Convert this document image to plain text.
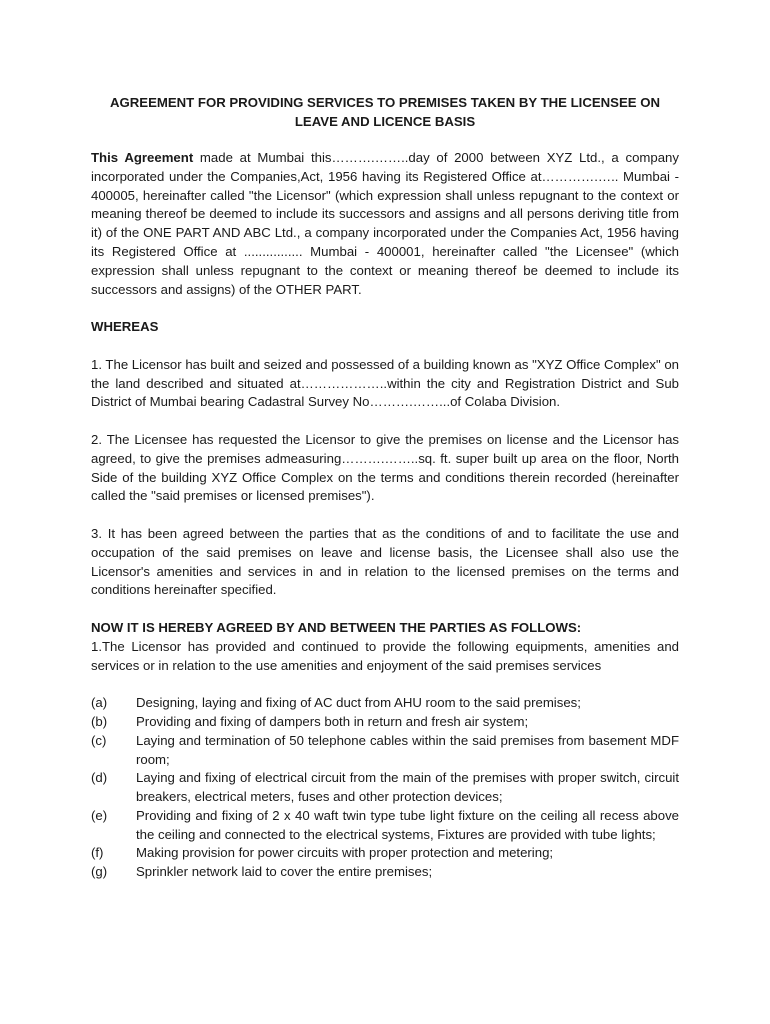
AGREEMENT FOR PROVIDING SERVICES TO PREMISES TAKEN BY THE LICENSEE ON LEAVE AND LICENCE BASIS

This Agreement made at Mumbai this……….……..day of 2000 between XYZ Ltd., a company incorporated under the Companies,Act, 1956 having its Registered Office at………….….. Mumbai - 400005, hereinafter called "the Licensor" (which expression shall unless repugnant to the context or meaning thereof be deemed to include its successors and assigns and all persons deriving title from it) of the ONE PART AND ABC Ltd., a company incorporated under the Companies Act, 1956 having its Registered Office at ................ Mumbai - 400001, hereinafter called "the Licensee" (which expression shall unless repugnant to the context or meaning thereof be deemed to include its successors and assigns) of the OTHER PART.

WHEREAS

1. The Licensor has built and seized and possessed of a building known as "XYZ Office Complex" on the land described and situated at………………..within the city and Registration District and Sub District of Mumbai bearing Cadastral Survey No……….……...of Colaba Division.

2. The Licensee has requested the Licensor to give the premises on license and the Licensor has agreed, to give the premises admeasuring……….……..sq. ft. super built up area on the floor, North Side of the building XYZ Office Complex on the terms and conditions therein recorded (hereinafter called the "said premises or licensed premises").

3. It has been agreed between the parties that as the conditions of and to facilitate the use and occupation of the said premises on leave and license basis, the Licensee shall also use the Licensor's amenities and services in and in relation to the licensed premises on the terms and conditions hereinafter specified.

NOW IT IS HEREBY AGREED BY AND BETWEEN THE PARTIES AS FOLLOWS:

1.The Licensor has provided and continued to provide the following equipments, amenities and services or in relation to the use amenities and enjoyment of the said premises services

(a)	Designing, laying and fixing of AC duct from AHU room to the said premises;
(b)	Providing and fixing of dampers both in return and fresh air system;
(c)	Laying and termination of 50 telephone cables within the said premises from basement MDF room;
(d)	Laying and fixing of electrical circuit from the main of the premises with proper switch, circuit breakers, electrical meters, fuses and other protection devices;
(e)	Providing and fixing of 2 x 40 waft twin type tube light fixture on the ceiling all recess above the ceiling and connected to the electrical systems, Fixtures are provided with tube lights;
(f)	Making provision for power circuits with proper protection and metering;
(g)	Sprinkler network laid to cover the entire premises;
